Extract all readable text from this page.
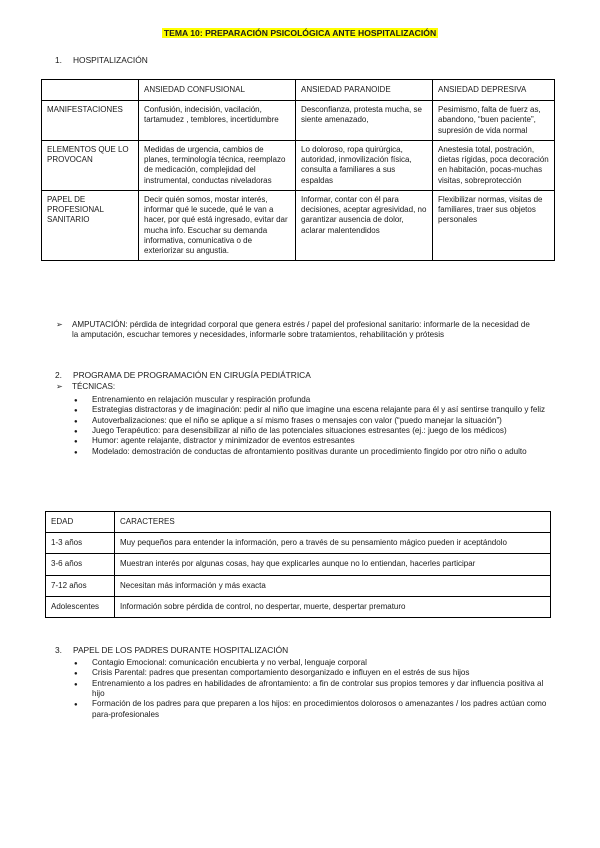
TEMA 10: PREPARACIÓN PSICOLÓGICA ANTE HOSPITALIZACIÓN
1. HOSPITALIZACIÓN
	ANSIEDAD CONFUSIONAL	ANSIEDAD PARANOIDE	ANSIEDAD DEPRESIVA
MANIFESTACIONES	Confusión, indecisión, vacilación, tartamudez , temblores, incertidumbre	Desconfianza, protesta mucha, se siente amenazado,	Pesimismo, falta de fuerz as, abandono, “buen paciente”, supresión de vida normal
ELEMENTOS QUE LO PROVOCAN	Medidas de urgencia, cambios de planes, terminología técnica, reemplazo de medicación, complejidad del instrumental, conductas niveladoras	Lo doloroso, ropa quirúrgica, autoridad, inmovilización física, consulta a familiares a sus espaldas	Anestesia total, postración, dietas rígidas, poca decoración en habitación, pocas-muchas visitas, sobreprotección
PAPEL DE PROFESIONAL SANITARIO	Decir quién somos, mostar interés, informar qué le sucede, qué le van a hacer, por qué está ingresado, evitar dar mucha info. Escuchar su demanda informativa, comunicativa o de exteriorizar su angustia.	Informar, contar con él para decisiones, aceptar agresividad, no garantizar ausencia de dolor, aclarar malentendidos	Flexibilizar normas, visitas de familiares, traer sus objetos personales
➢ AMPUTACIÓN: pérdida de integridad corporal que genera estrés / papel del profesional sanitario: informarle de la necesidad de la amputación, escuchar temores y necesidades, informarle sobre tratamientos, rehabilitación y prótesis
2. PROGRAMA DE PROGRAMACIÓN EN CIRUGÍA PEDIÁTRICA
➢ TÉCNICAS:
● Entrenamiento en relajación muscular y respiración profunda
● Estrategias distractoras y de imaginación: pedir al niño que imagine una escena relajante para él y así sentirse tranquilo y feliz
● Autoverbalizaciones: que el niño se aplique a sí mismo frases o mensajes con valor (“puedo manejar la situación”)
● Juego Terapéutico: para desensibilizar al niño de las potenciales situaciones estresantes (ej.: juego de los médicos)
● Humor: agente relajante, distractor y minimizador de eventos estresantes
● Modelado: demostración de conductas de afrontamiento positivas durante un procedimiento fingido por otro niño o adulto
EDAD	CARACTERES
1-3 años	Muy pequeños para entender la información, pero a través de su pensamiento mágico pueden ir aceptándolo
3-6 años	Muestran interés por algunas cosas, hay que explicarles aunque no lo entiendan, hacerles participar
7-12 años	Necesitan más información y más exacta
Adolescentes	Información sobre pérdida de control, no despertar, muerte, despertar prematuro
3. PAPEL DE LOS PADRES DURANTE HOSPITALIZACIÓN
● Contagio Emocional: comunicación encubierta y no verbal, lenguaje corporal
● Crisis Parental: padres que presentan comportamiento desorganizado e influyen en el estrés de sus hijos
● Entrenamiento a los padres en habilidades de afrontamiento: a fin de controlar sus propios temores y dar influencia positiva al hijo
● Formación de los padres para que preparen a los hijos: en procedimientos dolorosos o amenazantes / los padres actúan como para-profesionales
